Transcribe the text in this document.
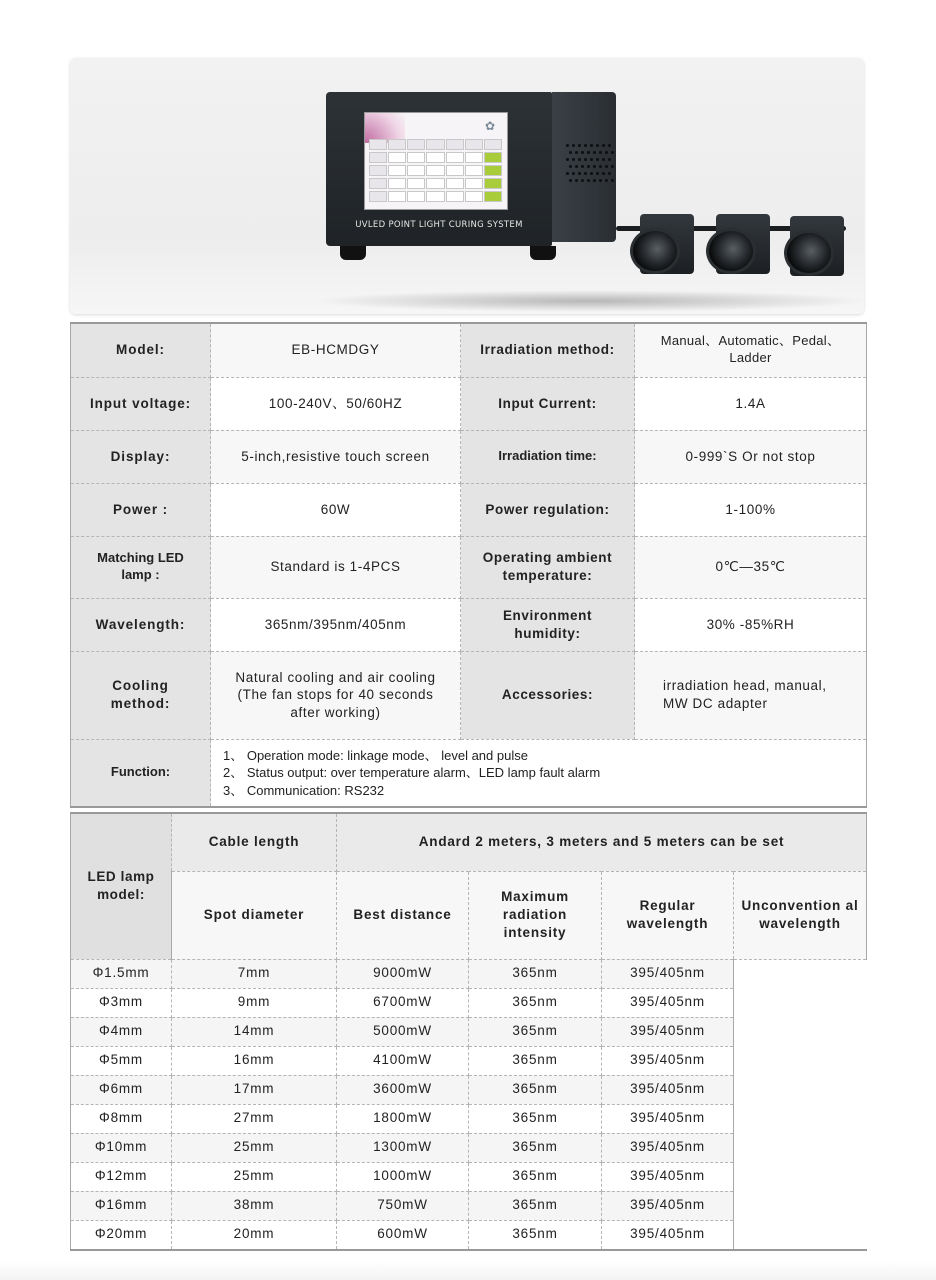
✿
UVLED POINT LIGHT CURING SYSTEM
Model:	EB-HCMDGY	Irradiation method:	Manual、Automatic、Pedal、Ladder
Input voltage:	100-240V、50/60HZ	Input Current:	1.4A
Display:	5-inch,resistive touch screen	Irradiation time:	0-999`S Or not stop
Power :	60W	Power regulation:	1-100%
Matching LED lamp :	Standard is 1-4PCS	Operating ambient temperature:	0℃—35℃
Wavelength:	365nm/395nm/405nm	Environment humidity:	30% -85%RH
Cooling method:	Natural cooling and air cooling (The fan stops for 40 seconds after working)	Accessories:	irradiation head, manual, MW DC adapter
Function:	1、 Operation mode: linkage mode、 level and pulse
2、 Status output: over temperature alarm、LED lamp fault alarm
3、 Communication: RS232		
LED lamp model:	Cable length	Andard 2 meters, 3 meters and 5 meters can be set			
	Spot diameter	Best distance	Maximum radiation intensity	Regular wavelength	Unconvention al wavelength
Φ1.5mm	7mm	9000mW	365nm	395/405nm	
Φ3mm	9mm	6700mW	365nm	395/405nm	
Φ4mm	14mm	5000mW	365nm	395/405nm	
Φ5mm	16mm	4100mW	365nm	395/405nm	
Φ6mm	17mm	3600mW	365nm	395/405nm	
Φ8mm	27mm	1800mW	365nm	395/405nm	
Φ10mm	25mm	1300mW	365nm	395/405nm	
Φ12mm	25mm	1000mW	365nm	395/405nm	
Φ16mm	38mm	750mW	365nm	395/405nm	
Φ20mm	20mm	600mW	365nm	395/405nm	
